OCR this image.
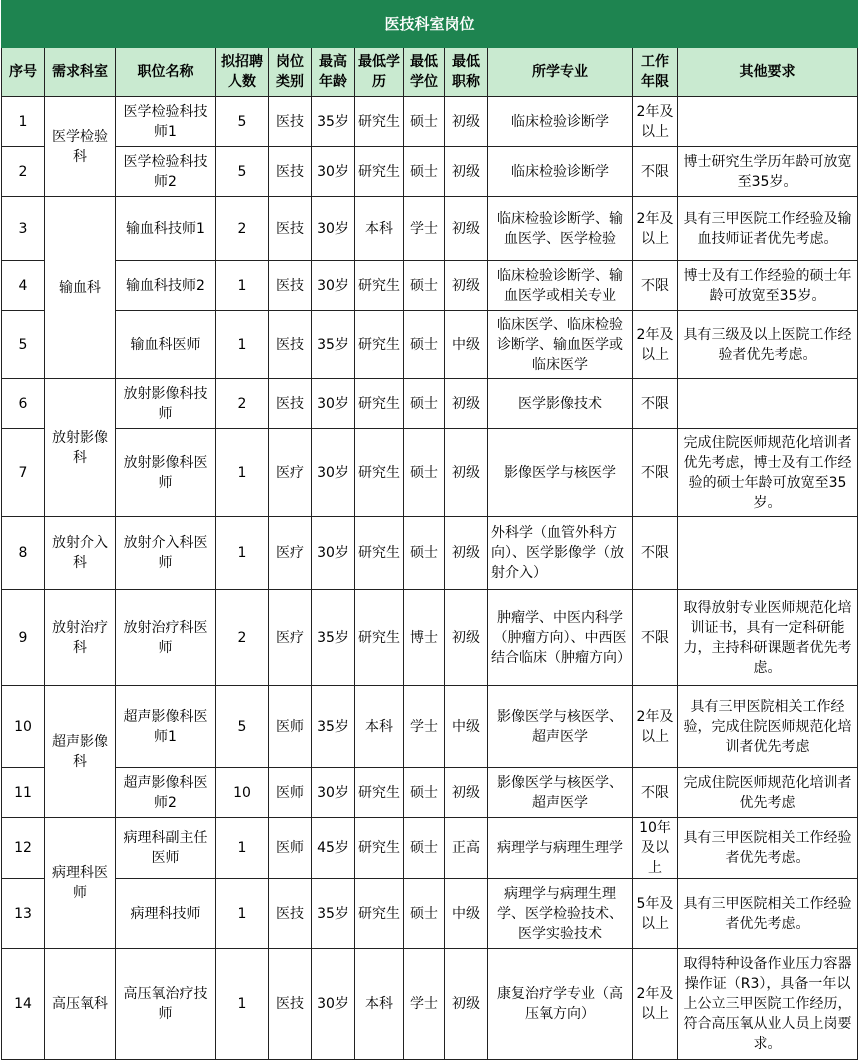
医技科室岗位											
序号	需求科室	职位名称	拟招聘人数	岗位类别	最高年龄	最低学历	最低学位	最低职称	所学专业	工作年限	其他要求
1	医学检验科	医学检验科技师1	5	医技	35岁	研究生	硕士	初级	临床检验诊断学	2年及以上	
2		医学检验科技师2	5	医技	30岁	研究生	硕士	初级	临床检验诊断学	不限	博士研究生学历年龄可放宽至35岁。
3	输血科	输血科技师1	2	医技	30岁	本科	学士	初级	临床检验诊断学、输血医学、医学检验	2年及以上	具有三甲医院工作经验及输血技师证者优先考虑。
4		输血科技师2	1	医技	30岁	研究生	硕士	初级	临床检验诊断学、输血医学或相关专业	不限	博士及有工作经验的硕士年龄可放宽至35岁。
5		输血科医师	1	医技	35岁	研究生	硕士	中级	临床医学、临床检验诊断学、输血医学或临床医学	2年及以上	具有三级及以上医院工作经验者优先考虑。
6	放射影像科	放射影像科技师	2	医技	30岁	研究生	硕士	初级	医学影像技术	不限	
7		放射影像科医师	1	医疗	30岁	研究生	硕士	初级	影像医学与核医学	不限	完成住院医师规范化培训者优先考虑，博士及有工作经验的硕士年龄可放宽至35岁。
8	放射介入科	放射介入科医师	1	医疗	30岁	研究生	硕士	初级	外科学（血管外科方向）、医学影像学（放射介入）	不限	
9	放射治疗科	放射治疗科医师	2	医疗	35岁	研究生	博士	初级	肿瘤学、中医内科学（肿瘤方向）、中西医结合临床（肿瘤方向）	不限	取得放射专业医师规范化培训证书，具有一定科研能力，主持科研课题者优先考虑。
10	超声影像科	超声影像科医师1	5	医师	35岁	本科	学士	中级	影像医学与核医学、超声医学	2年及以上	具有三甲医院相关工作经验，完成住院医师规范化培训者优先考虑
11		超声影像科医师2	10	医师	30岁	研究生	硕士	初级	影像医学与核医学、超声医学	不限	完成住院医师规范化培训者优先考虑
12	病理科医师	病理科副主任医师	1	医师	45岁	研究生	硕士	正高	病理学与病理生理学	10年及以上	具有三甲医院相关工作经验者优先考虑。
13		病理科技师	1	医技	35岁	研究生	硕士	中级	病理学与病理生理学、医学检验技术、医学实验技术	5年及以上	具有三甲医院相关工作经验者优先考虑。
14	高压氧科	高压氧治疗技师	1	医技	30岁	本科	学士	初级	康复治疗学专业（高压氧方向）	2年及以上	取得特种设备作业压力容器操作证（R3），具备一年以上公立三甲医院工作经历，符合高压氧从业人员上岗要求。
